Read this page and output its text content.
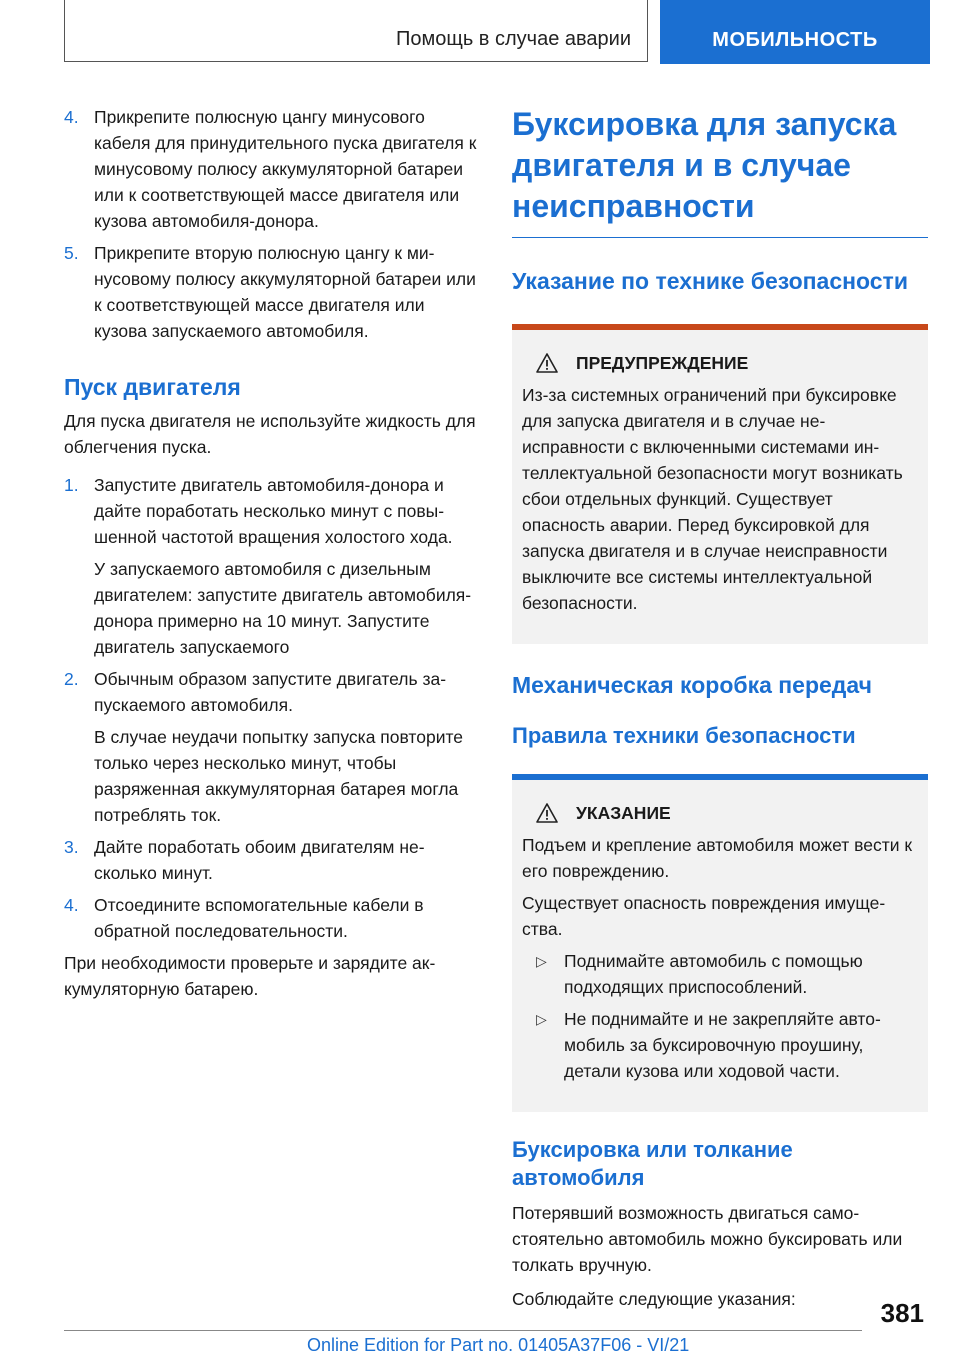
Помощь в случае аварии	МОБИЛЬНОСТЬ
4. Прикрепите полюсную цангу минусового кабеля для принудительного пуска двигателя к минусовому полюсу аккумуляторной батареи или к соответствующей массе двигателя или кузова автомобиля-донора.

5. Прикрепите вторую полюсную цангу к минусовому полюсу аккумуляторной батареи или к соответствующей массе двигателя или кузова запускаемого автомобиля.

Пуск двигателя

Для пуска двигателя не используйте жидкость для облегчения пуска.

1. Запустите двигатель автомобиля-донора и дайте поработать несколько минут с повышенной частотой вращения холостого хода.

У запускаемого автомобиля с дизельным двигателем: запустите двигатель автомобиля-донора примерно на 10 минут. Запустите двигатель запускаемого

2. Обычным образом запустите двигатель запускаемого автомобиля.

В случае неудачи попытку запуска повторите только через несколько минут, чтобы разряженная аккумуляторная батарея могла потреблять ток.

3. Дайте поработать обоим двигателям несколько минут.

4. Отсоедините вспомогательные кабели в обратной последовательности.

При необходимости проверьте и зарядите аккумуляторную батарею.

Буксировка для запуска двигателя и в случае неисправности
Указание по технике безопасности
ПРЕДУПРЕЖДЕНИЕ

Из-за системных ограничений при буксировке для запуска двигателя и в случае неисправности с включенными системами интеллектуальной безопасности могут возникать сбои отдельных функций. Существует опасность аварии. Перед буксировкой для запуска двигателя и в случае неисправности выключите все системы интеллектуальной безопасности.

Механическая коробка передач
Правила техники безопасности
УКАЗАНИЕ

Подъем и крепление автомобиля может вести к его повреждению.

Существует опасность повреждения имущества.

▷ Поднимайте автомобиль с помощью подходящих приспособлений.

▷ Не поднимайте и не закрепляйте автомобиль за буксировочную проушину, детали кузова или ходовой части.

Буксировка или толкание автомобиля

Потерявший возможность двигаться самостоятельно автомобиль можно буксировать или толкать вручную.

Соблюдайте следующие указания:	381
Online Edition for Part no. 01405A37F06 - VI/21
